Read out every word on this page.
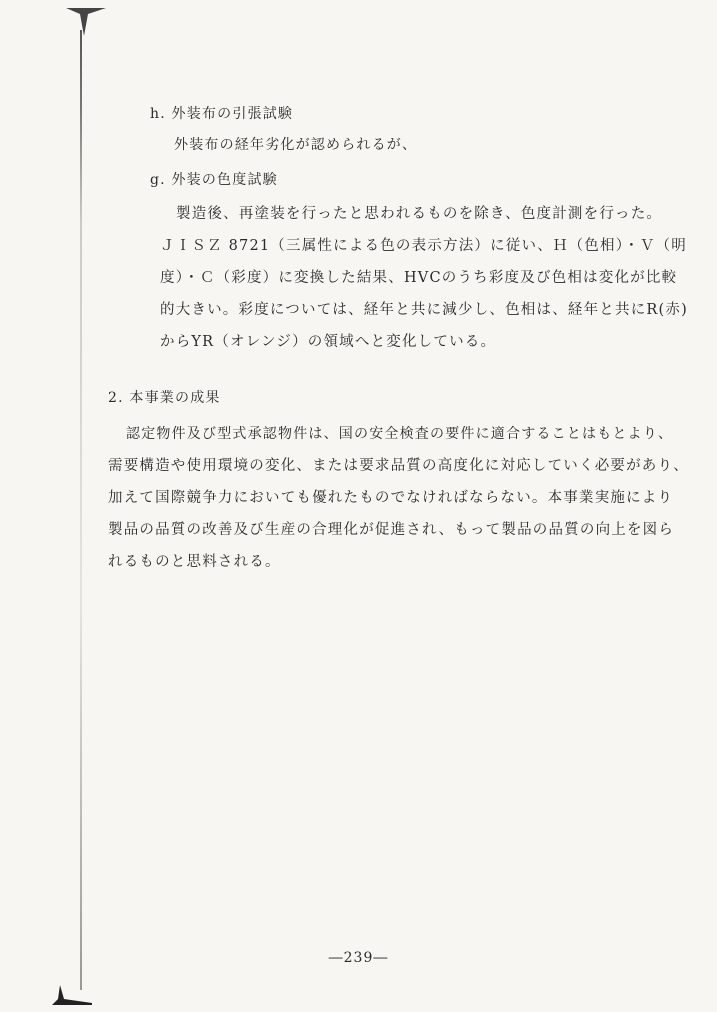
h. 外装布の引張試験
外装布の経年劣化が認められるが、
g. 外装の色度試験
製造後、再塗装を行ったと思われるものを除き、色度計測を行った。
ＪＩＳＺ 8721（三属性による色の表示方法）に従い、Ｈ（色相）・Ｖ（明
度）・Ｃ（彩度）に変換した結果、HVCのうち彩度及び色相は変化が比較
的大きい。彩度については、経年と共に減少し、色相は、経年と共にR(赤)
からYR（オレンジ）の領域へと変化している。
2. 本事業の成果
認定物件及び型式承認物件は、国の安全検査の要件に適合することはもとより、
需要構造や使用環境の変化、または要求品質の高度化に対応していく必要があり、
加えて国際競争力においても優れたものでなければならない。本事業実施により
製品の品質の改善及び生産の合理化が促進され、もって製品の品質の向上を図ら
れるものと思料される。
―239―
